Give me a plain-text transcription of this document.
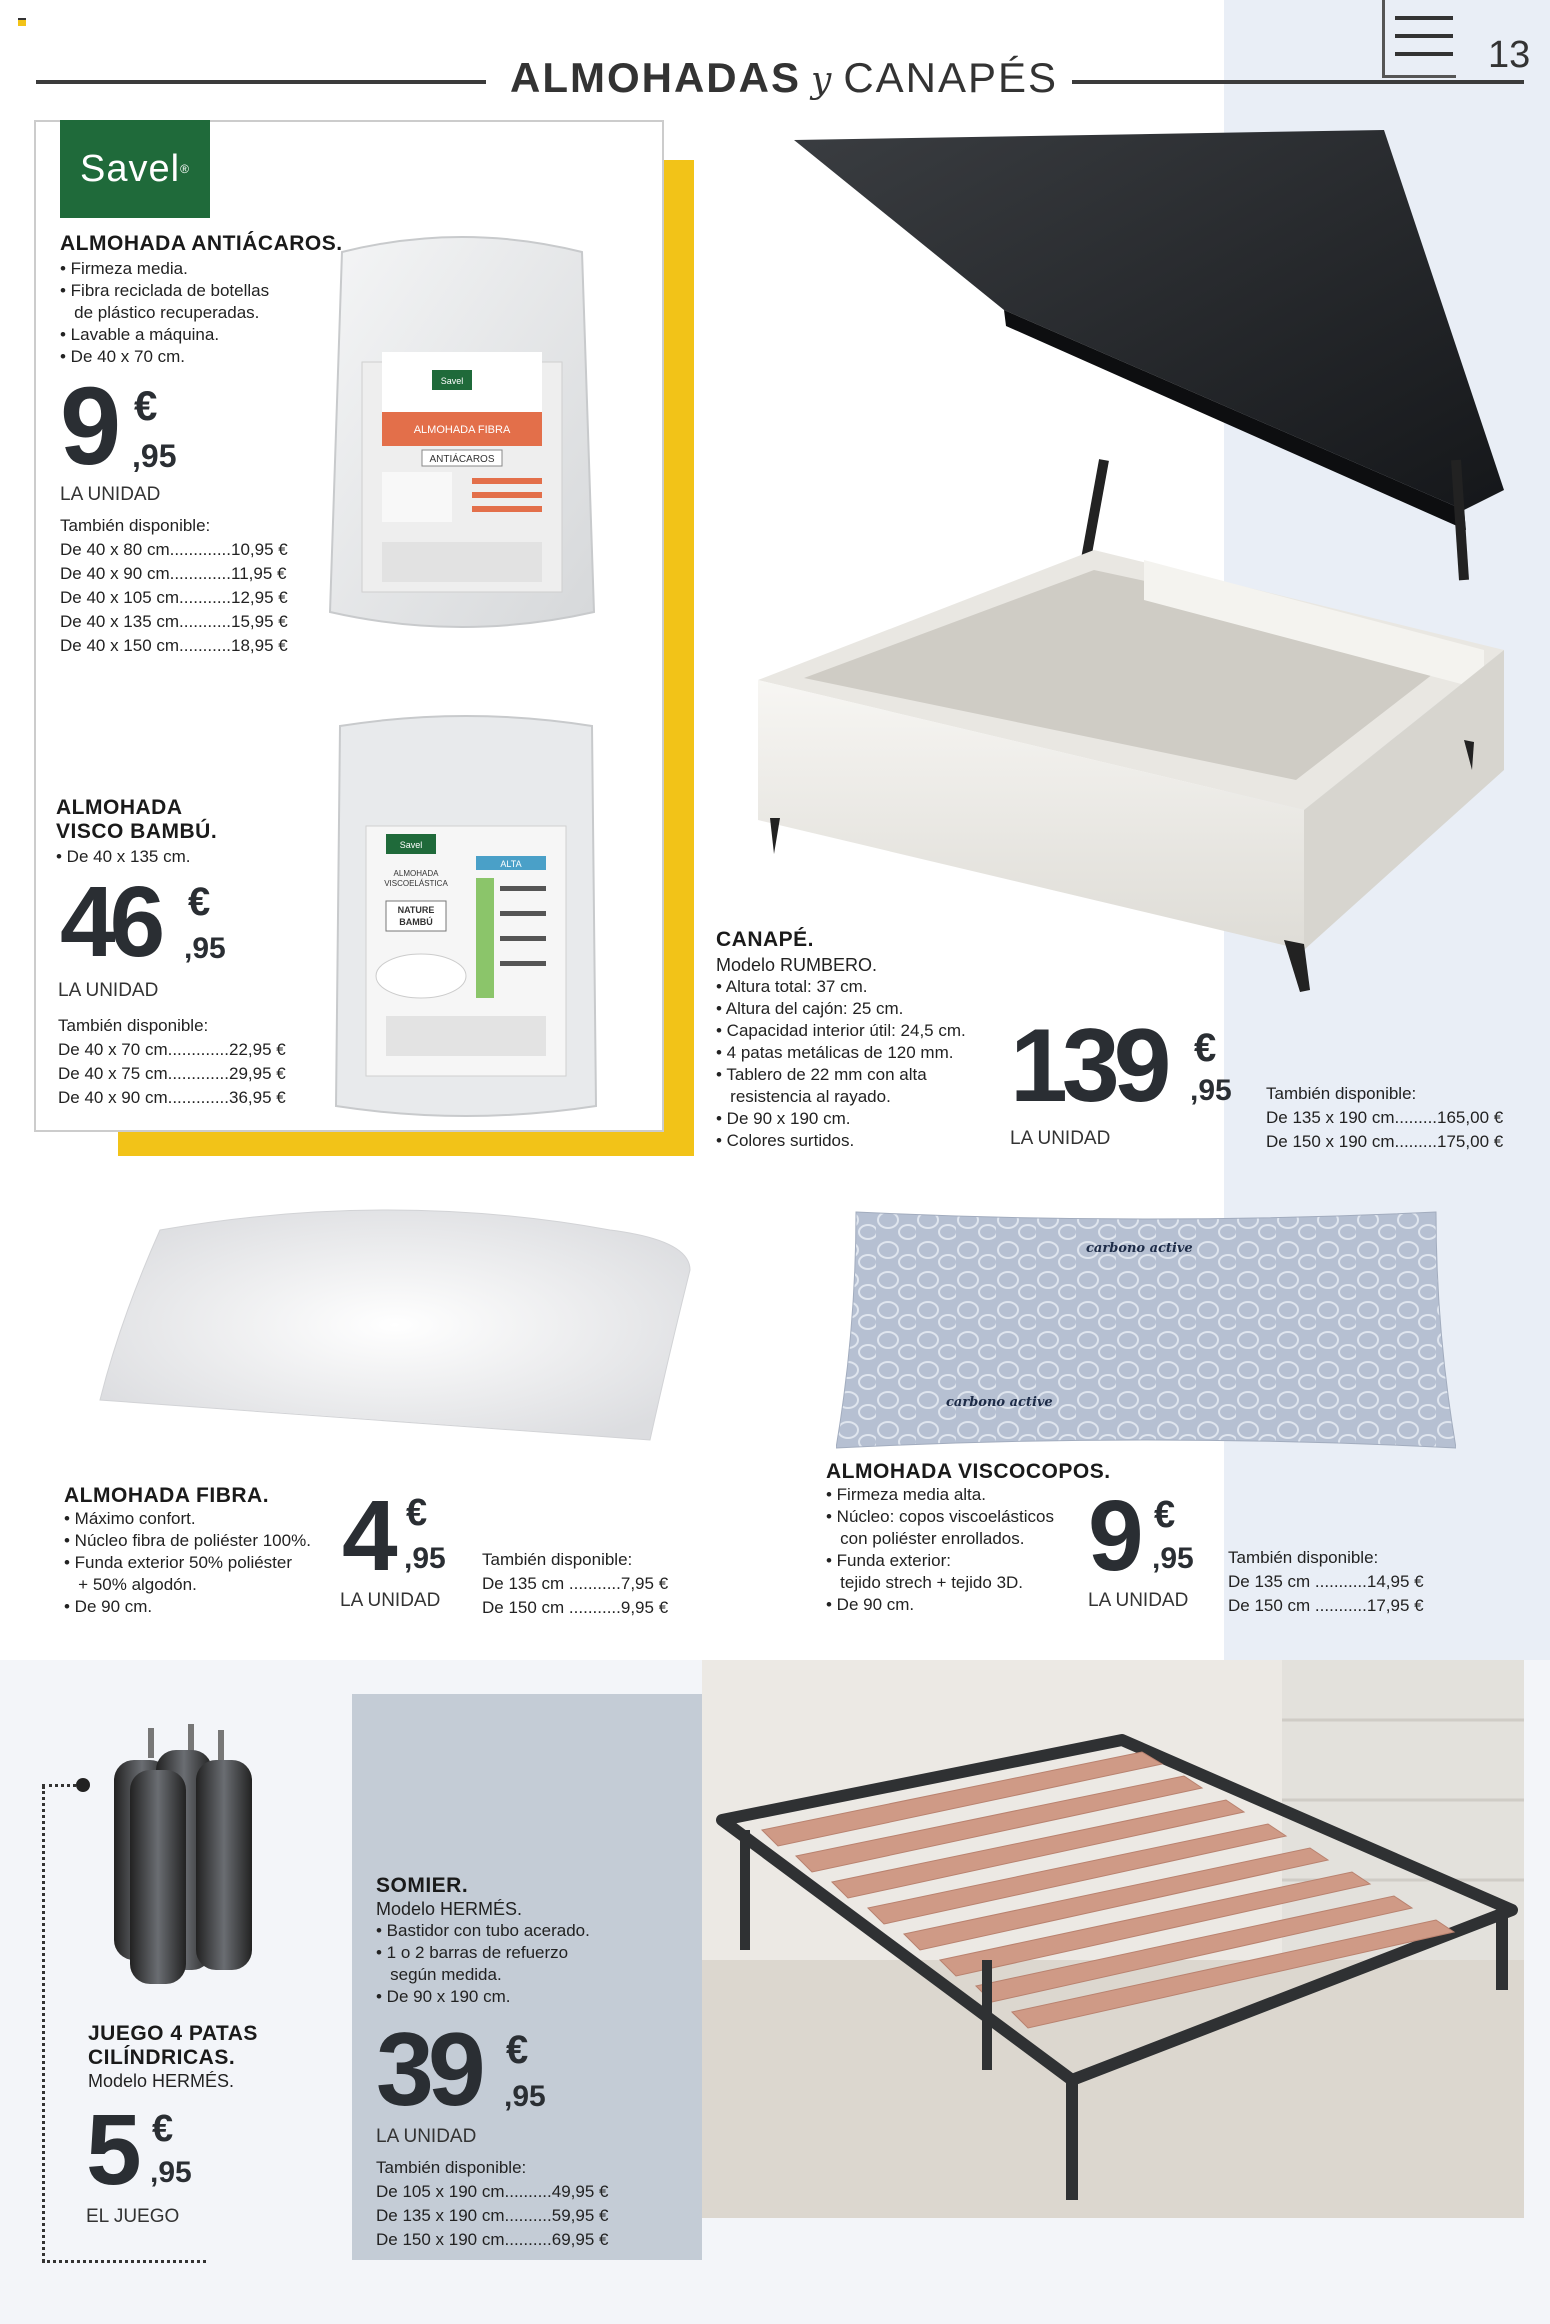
ALMOHADAS y CANAPÉS	13
Savel ®
ALMOHADA ANTIÁCAROS.
• Firmeza media.
• Fibra reciclada de botellas
de plástico recuperadas.
• Lavable a máquina.
• De 40 x 70 cm.
9 €
,95
LA UNIDAD
También disponible:
De 40 x 80 cm.............10,95 €
De 40 x 90 cm.............11,95 €
De 40 x 105 cm...........12,95 €
De 40 x 135 cm...........15,95 €
De 40 x 150 cm...........18,95 €
Savel
ALMOHADA FIBRA
ANTIÁCAROS
ALMOHADA
VISCO BAMBÚ.
• De 40 x 135 cm.
46 €
,95
LA UNIDAD
También disponible:
De 40 x 70 cm.............22,95 €
De 40 x 75 cm.............29,95 €
De 40 x 90 cm.............36,95 €
Savel
ALMOHADA
VISCOELÁSTICA
NATURE
BAMBÚ
ALTA
CANAPÉ.
Modelo RUMBERO.
• Altura total: 37 cm.
• Altura del cajón: 25 cm.
• Capacidad interior útil: 24,5 cm.
• 4 patas metálicas de 120 mm.
• Tablero de 22 mm con alta
resistencia al rayado.
• De 90 x 190 cm.
• Colores surtidos.
139 €
,95
LA UNIDAD
También disponible:
De 135 x 190 cm.........165,00 €
De 150 x 190 cm.........175,00 €
ALMOHADA FIBRA.
• Máximo confort.
• Núcleo fibra de poliéster 100%.
• Funda exterior 50% poliéster
+ 50% algodón.
• De 90 cm.
4 €
,95
LA UNIDAD
También disponible:
De 135 cm ...........7,95 €
De 150 cm ...........9,95 €
carbono active
carbono active
ALMOHADA VISCOCOPOS.
• Firmeza media alta.
• Núcleo: copos viscoelásticos
con poliéster enrollados.
• Funda exterior:
tejido strech + tejido 3D.
• De 90 cm.
9 €
,95
LA UNIDAD
También disponible:
De 135 cm ...........14,95 €
De 150 cm ...........17,95 €
JUEGO 4 PATAS
CILÍNDRICAS.
Modelo HERMÉS.
5 €
,95
EL JUEGO
SOMIER.
Modelo HERMÉS.
• Bastidor con tubo acerado.
• 1 o 2 barras de refuerzo
según medida.
• De 90 x 190 cm.
39 €
,95
LA UNIDAD
También disponible:
De 105 x 190 cm..........49,95 €
De 135 x 190 cm..........59,95 €
De 150 x 190 cm..........69,95 €
